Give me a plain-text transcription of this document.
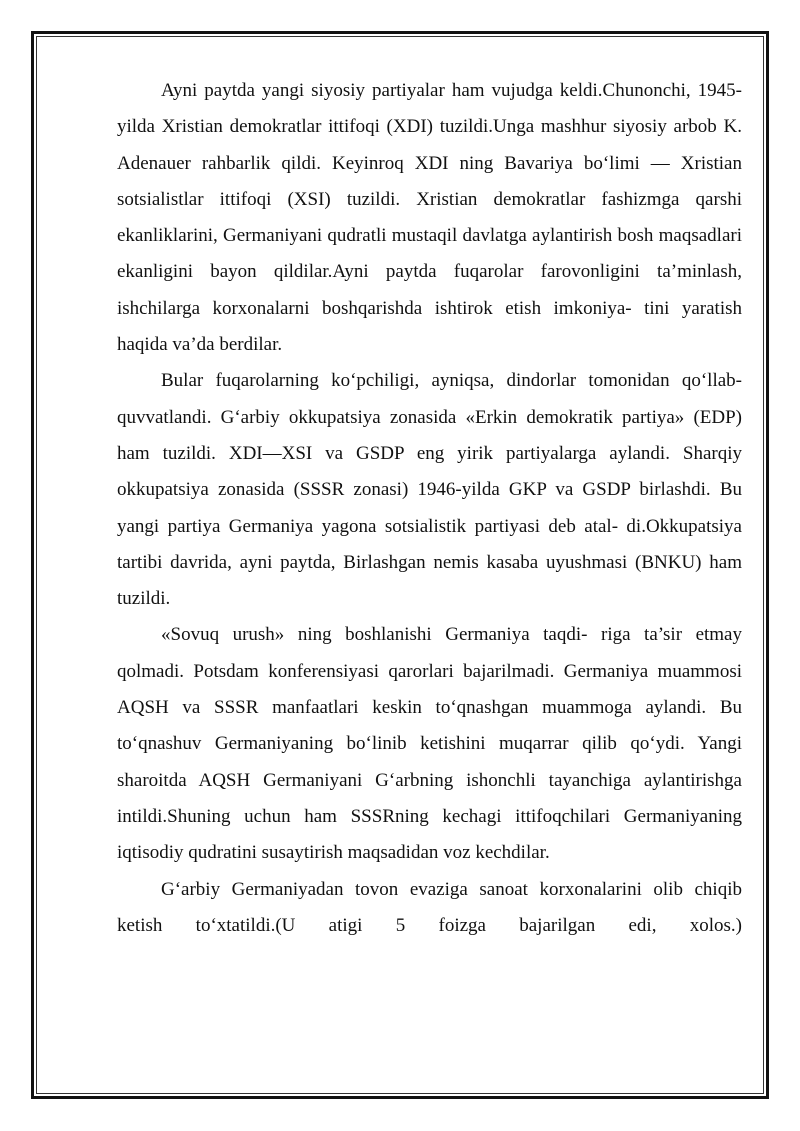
Ayni paytda yangi siyosiy partiyalar ham vujudga keldi.Chunonchi, 1945-yilda Xristian demokratlar ittifoqi (XDI) tuzildi.Unga mashhur siyosiy arbob K. Adenauer rahbarlik qildi. Keyinroq XDI ning Bavariya bo‘limi — Xristian sotsialistlar ittifoqi (XSI) tuzildi. Xristian demokratlar fashizmga qarshi ekanliklarini, Germaniyani qudratli mustaqil davlatga aylantirish bosh maqsadlari ekanligini bayon qildilar.Ayni paytda fuqarolar farovonligini ta’minlash, ishchilarga korxonalarni boshqarishda ishtirok etish imkoniya- tini yaratish haqida va’da berdilar.

Bular fuqarolarning ko‘pchiligi, ayniqsa, dindorlar tomonidan qo‘llab- quvvatlandi. G‘arbiy okkupatsiya zonasida «Erkin demokratik partiya» (EDP) ham tuzildi. XDI—XSI va GSDP eng yirik partiyalarga aylandi. Sharqiy okkupatsiya zonasida (SSSR zonasi) 1946-yilda GKP va GSDP birlashdi. Bu yangi partiya Germaniya yagona sotsialistik partiyasi deb atal- di.Okkupatsiya tartibi davrida, ayni paytda, Birlashgan nemis kasaba uyushmasi (BNKU) ham tuzildi.

«Sovuq urush» ning boshlanishi Germaniya taqdi- riga ta’sir etmay qolmadi. Potsdam konferensiyasi qarorlari bajarilmadi. Germaniya muammosi AQSH va SSSR manfaatlari keskin to‘qnashgan muammoga aylandi. Bu to‘qnashuv Germaniyaning bo‘linib ketishini muqarrar qilib qo‘ydi. Yangi sharoitda AQSH Germaniyani G‘arbning ishonchli tayanchiga aylantirishga intildi.Shuning uchun ham SSSRning kechagi ittifoqchilari Germaniyaning iqtisodiy qudratini susaytirish maqsadidan voz kechdilar.

G‘arbiy Germaniyadan tovon evaziga sanoat korxonalarini olib chiqib ketish to‘xtatildi.(U atigi 5 foizga bajarilgan edi, xolos.)
